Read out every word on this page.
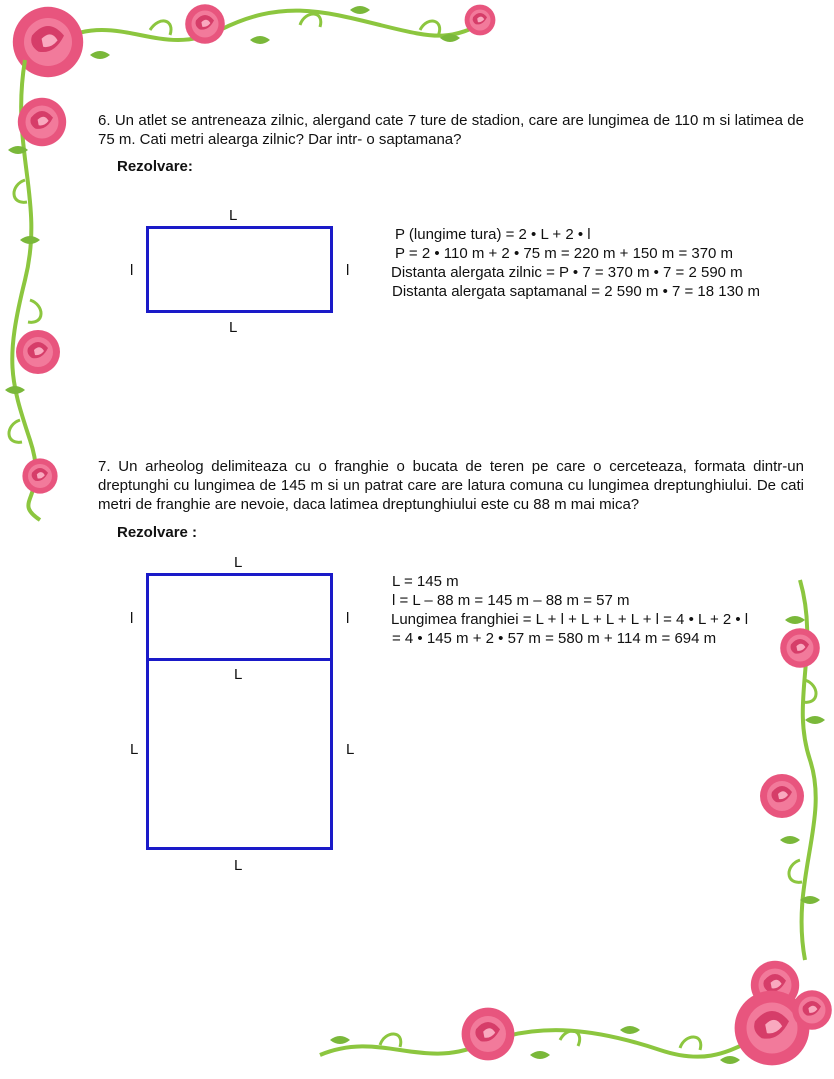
6. Un atlet se antreneaza zilnic, alergand cate 7 ture de stadion, care are lungimea de 110 m si latimea de 75 m. Cati metri alearga zilnic? Dar intr- o saptamana?
Rezolvare:
L
L
l	l
P (lungime tura) = 2 • L + 2 • l
P = 2 • 110 m + 2 • 75 m = 220 m + 150 m = 370 m
Distanta alergata zilnic = P • 7 = 370 m • 7 = 2 590 m
Distanta alergata saptamanal = 2 590 m • 7 = 18 130 m
7. Un arheolog delimiteaza cu o franghie o bucata de teren pe care o cerceteaza, formata dintr-un dreptunghi cu lungimea de 145 m si un patrat care are latura comuna cu lungimea dreptunghiului. De cati metri de franghie are nevoie, daca latimea dreptunghiului este cu 88 m mai mica?
Rezolvare :
L
l	l
L
L	L
L
L = 145 m
l = L – 88 m = 145 m – 88 m = 57 m
Lungimea franghiei = L + l + L + L + L + l = 4 • L + 2 • l
= 4 • 145 m + 2 • 57 m = 580 m + 114 m = 694 m
